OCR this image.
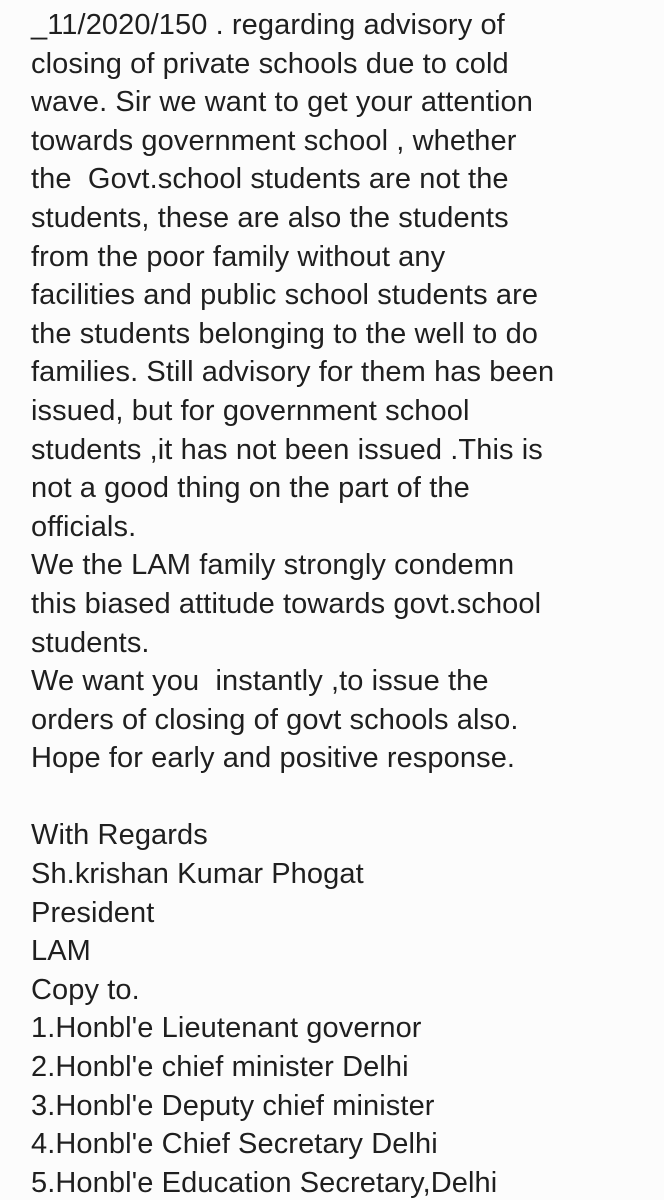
_11/2020/150 . regarding advisory of
closing of private schools due to cold
wave. Sir we want to get your attention
towards government school , whether
the  Govt.school students are not the
students, these are also the students
from the poor family without any
facilities and public school students are
the students belonging to the well to do
families. Still advisory for them has been
issued, but for government school
students ,it has not been issued .This is
not a good thing on the part of the
officials.
We the LAM family strongly condemn
this biased attitude towards govt.school
students.
We want you  instantly ,to issue the
orders of closing of govt schools also.
Hope for early and positive response.
With Regards
Sh.krishan Kumar Phogat
President
LAM
Copy to.
1.Honbl'e Lieutenant governor
2.Honbl'e chief minister Delhi
3.Honbl'e Deputy chief minister
4.Honbl'e Chief Secretary Delhi
5.Honbl'e Education Secretary,Delhi
